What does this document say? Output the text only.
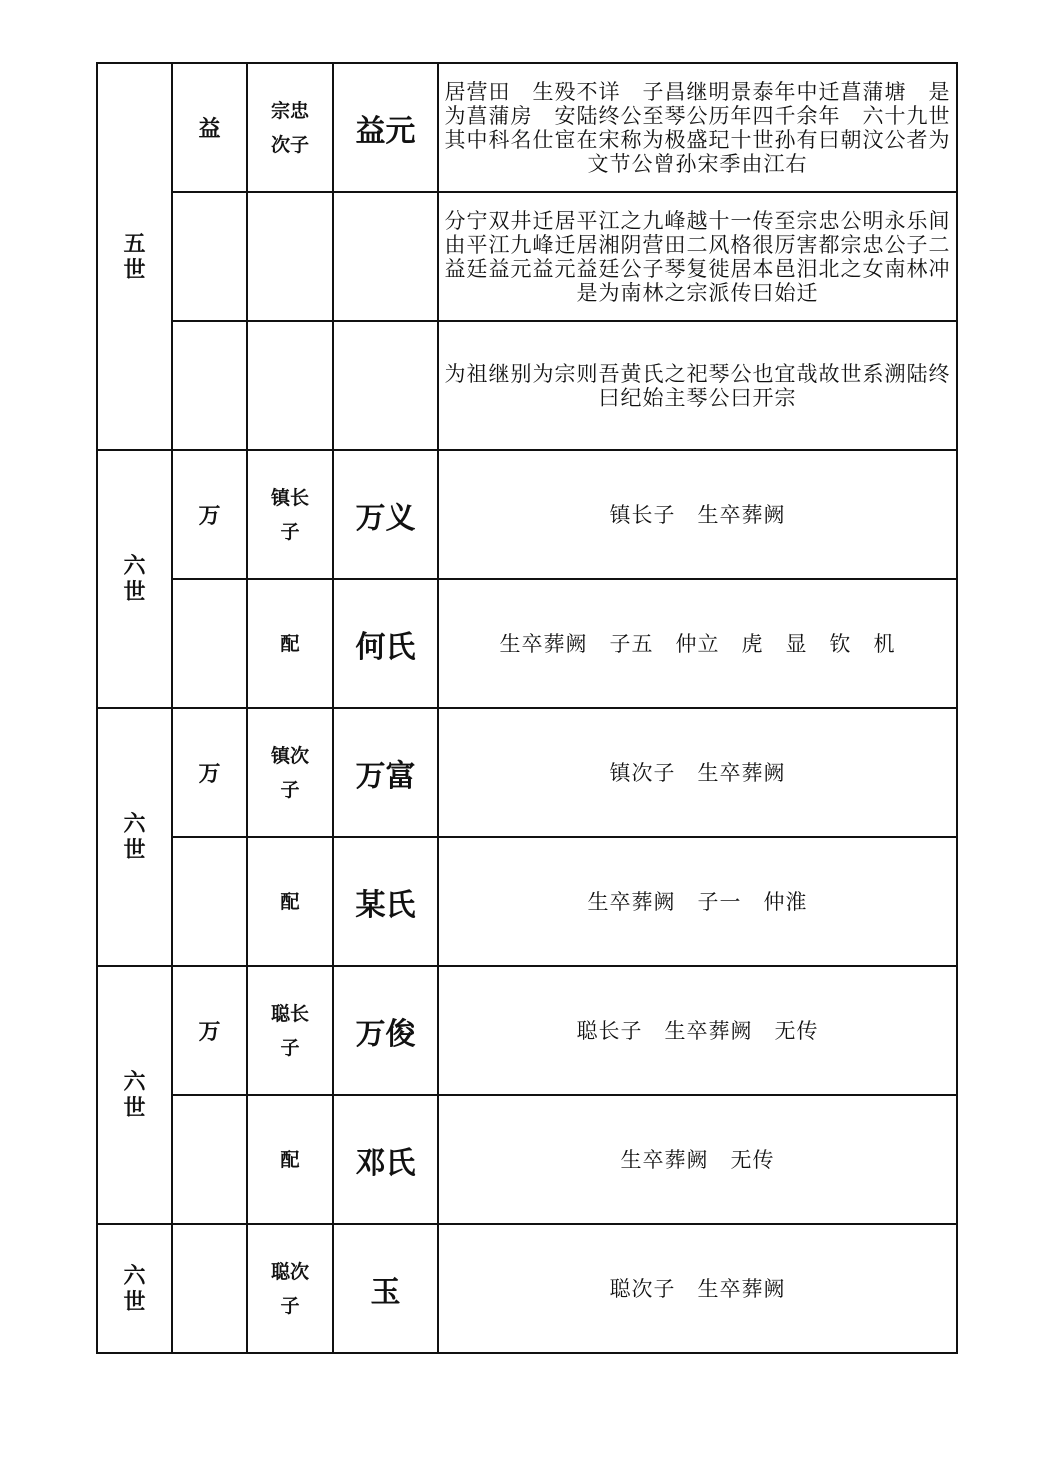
五世	益	宗忠次子	益元	居营田　生殁不详　子昌继明景泰年中迁菖蒲塘　是为菖蒲房　安陆终公至琴公历年四千余年　六十九世　其中科名仕宦在宋称为极盛玘十世孙有曰朝汶公者为文节公曾孙宋季由江右
				分宁双井迁居平江之九峰越十一传至宗忠公明永乐间由平江九峰迁居湘阴营田二风格很厉害都宗忠公子二益廷益元益元益廷公子琴复徙居本邑汨北之女南林冲是为南林之宗派传曰始迁
				为祖继别为宗则吾黄氏之祀琴公也宜哉故世系溯陆终曰纪始主琴公曰开宗
六世	万	镇长子	万义	镇长子　生卒葬阙
		配	何氏	生卒葬阙　子五　仲立　虎　显　钦　机
六世	万	镇次子	万富	镇次子　生卒葬阙
		配	某氏	生卒葬阙　子一　仲淮
六世	万	聪长子	万俊	聪长子　生卒葬阙　无传
		配	邓氏	生卒葬阙　无传
六世		聪次子	玉	聪次子　生卒葬阙
